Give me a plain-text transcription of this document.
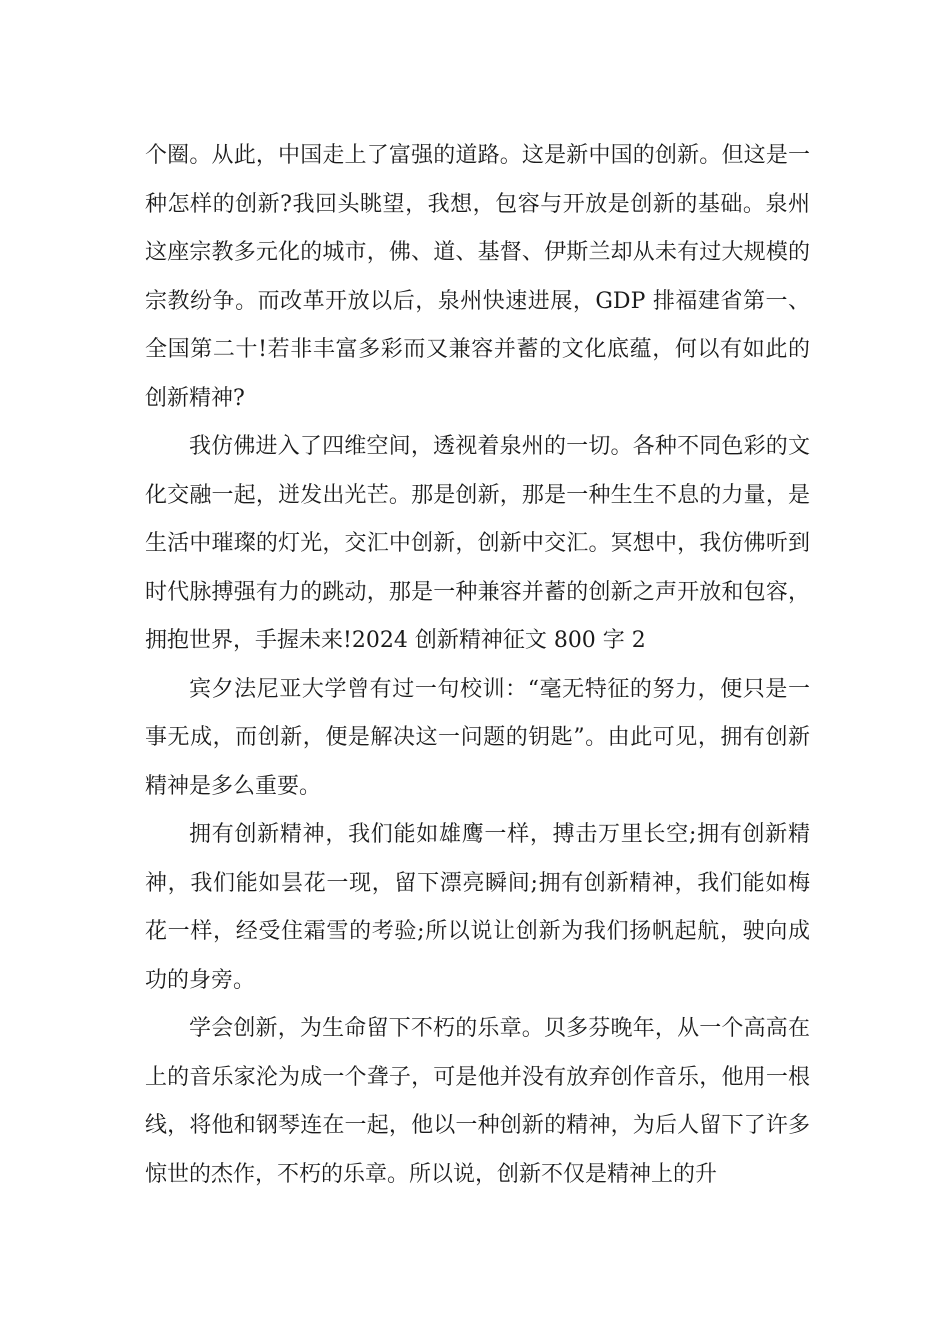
个圈。从此，中国走上了富强的道路。这是新中国的创新。但这是一种怎样的创新?我回头眺望，我想，包容与开放是创新的基础。泉州这座宗教多元化的城市，佛、道、基督、伊斯兰却从未有过大规模的宗教纷争。而改革开放以后，泉州快速进展，GDP 排福建省第一、全国第二十!若非丰富多彩而又兼容并蓄的文化底蕴，何以有如此的创新精神?

我仿佛进入了四维空间，透视着泉州的一切。各种不同色彩的文化交融一起，迸发出光芒。那是创新，那是一种生生不息的力量，是生活中璀璨的灯光，交汇中创新，创新中交汇。冥想中，我仿佛听到时代脉搏强有力的跳动，那是一种兼容并蓄的创新之声开放和包容，拥抱世界，手握未来!2024 创新精神征文 800 字 2

宾夕法尼亚大学曾有过一句校训：“毫无特征的努力，便只是一事无成，而创新，便是解决这一问题的钥匙”。由此可见，拥有创新精神是多么重要。

拥有创新精神，我们能如雄鹰一样，搏击万里长空;拥有创新精神，我们能如昙花一现，留下漂亮瞬间;拥有创新精神，我们能如梅花一样，经受住霜雪的考验;所以说让创新为我们扬帆起航，驶向成功的身旁。

学会创新，为生命留下不朽的乐章。贝多芬晚年，从一个高高在上的音乐家沦为成一个聋子，可是他并没有放弃创作音乐，他用一根线，将他和钢琴连在一起，他以一种创新的精神，为后人留下了许多惊世的杰作，不朽的乐章。所以说，创新不仅是精神上的升
